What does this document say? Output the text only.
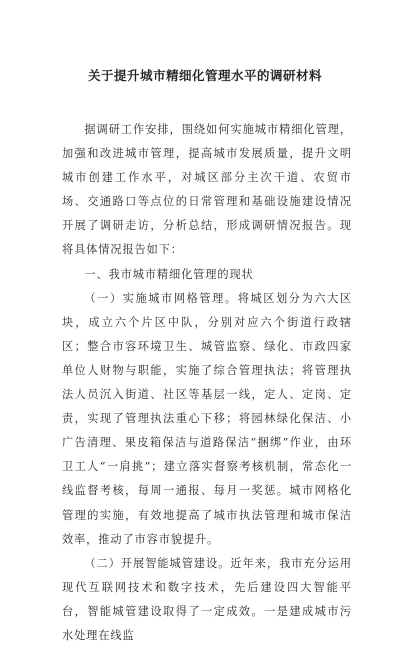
关于提升城市精细化管理水平的调研材料

据调研工作安排，围绕如何实施城市精细化管理，加强和改进城市管理，提高城市发展质量，提升文明城市创建工作水平，对城区部分主次干道、农贸市场、交通路口等点位的日常管理和基础设施建设情况开展了调研走访，分析总结，形成调研情况报告。现将具体情况报告如下：

一、我市城市精细化管理的现状

（一）实施城市网格管理。将城区划分为六大区块，成立六个片区中队，分别对应六个街道行政辖区；整合市容环境卫生、城管监察、绿化、市政四家单位人财物与职能，实施了综合管理执法；将管理执法人员沉入街道、社区等基层一线，定人、定岗、定责，实现了管理执法重心下移；将园林绿化保洁、小广告清理、果皮箱保洁与道路保洁“捆绑”作业，由环卫工人“一肩挑”；建立落实督察考核机制，常态化一线监督考核，每周一通报、每月一奖惩。城市网格化管理的实施，有效地提高了城市执法管理和城市保洁效率，推动了市容市貌提升。

（二）开展智能城管建设。近年来，我市充分运用现代互联网技术和数字技术，先后建设四大智能平台，智能城管建设取得了一定成效。一是建成城市污水处理在线监
